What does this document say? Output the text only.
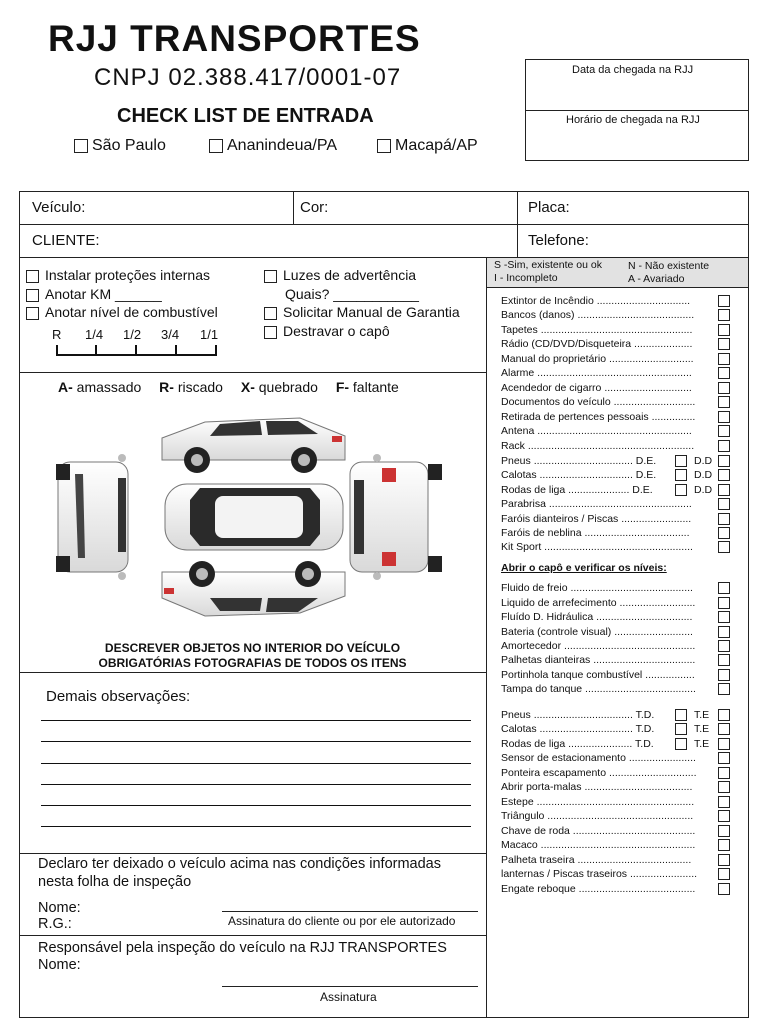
RJJ TRANSPORTES
CNPJ 02.388.417/0001-07
CHECK LIST DE ENTRADA
São Paulo	Ananindeua/PA	Macapá/AP
Data da chegada na RJJ
Horário de chegada na RJJ
Veículo:	Cor:	Placa:
CLIENTE:	Telefone:
Instalar proteções internas
Anotar KM ______
Anotar nível de combustível
R 1/4 1/2 3/4 1/1
Luzes de advertência
Quais? ___________
Solicitar Manual de Garantia
Destravar o capô
A- amassado R- riscado X- quebrado F- faltante
DESCREVER OBJETOS NO INTERIOR DO VEÍCULO
OBRIGATÓRIAS FOTOGRAFIAS DE TODOS OS ITENS
Demais observações:
Declaro ter deixado o veículo acima nas condições informadas
nesta folha de inspeção
Nome:
R.G.:	Assinatura do cliente ou por ele autorizado
Responsável pela inspeção do veículo na RJJ TRANSPORTES
Nome:
Assinatura
S -Sim, existente ou ok
I - Incompleto
N - Não existente
A - Avariado
Extintor de Incêndio ................................
Bancos (danos) ........................................
Tapetes ....................................................
Rádio (CD/DVD/Disqueteira ....................
Manual do proprietário .............................
Alarme .....................................................
Acendedor de cigarro ..............................
Documentos do veículo ............................
Retirada de pertences pessoais ...............
Antena .....................................................
Rack .........................................................
Pneus .................................. D.E.	D.D
Calotas ................................ D.E.	D.D
Rodas de liga ..................... D.E.	D.D
Parabrisa .................................................
Faróis dianteiros / Piscas ........................
Faróis de neblina ....................................
Kit Sport ...................................................
Abrir o capô e verificar os níveis:
Fluido de freio ..........................................
Liquido de arrefecimento ..........................
Fluído D. Hidráulica .................................
Bateria (controle visual) ...........................
Amortecedor .............................................
Palhetas dianteiras ...................................
Portinhola tanque combustível .................
Tampa do tanque ......................................
Pneus .................................. T.D.	T.E
Calotas ................................ T.D.	T.E
Rodas de liga ...................... T.D.	T.E
Sensor de estacionamento .......................
Ponteira escapamento ..............................
Abrir porta-malas .....................................
Estepe ......................................................
Triângulo ..................................................
Chave de roda ..........................................
Macaco .....................................................
Palheta traseira .......................................
lanternas / Piscas traseiros .......................
Engate reboque ........................................
